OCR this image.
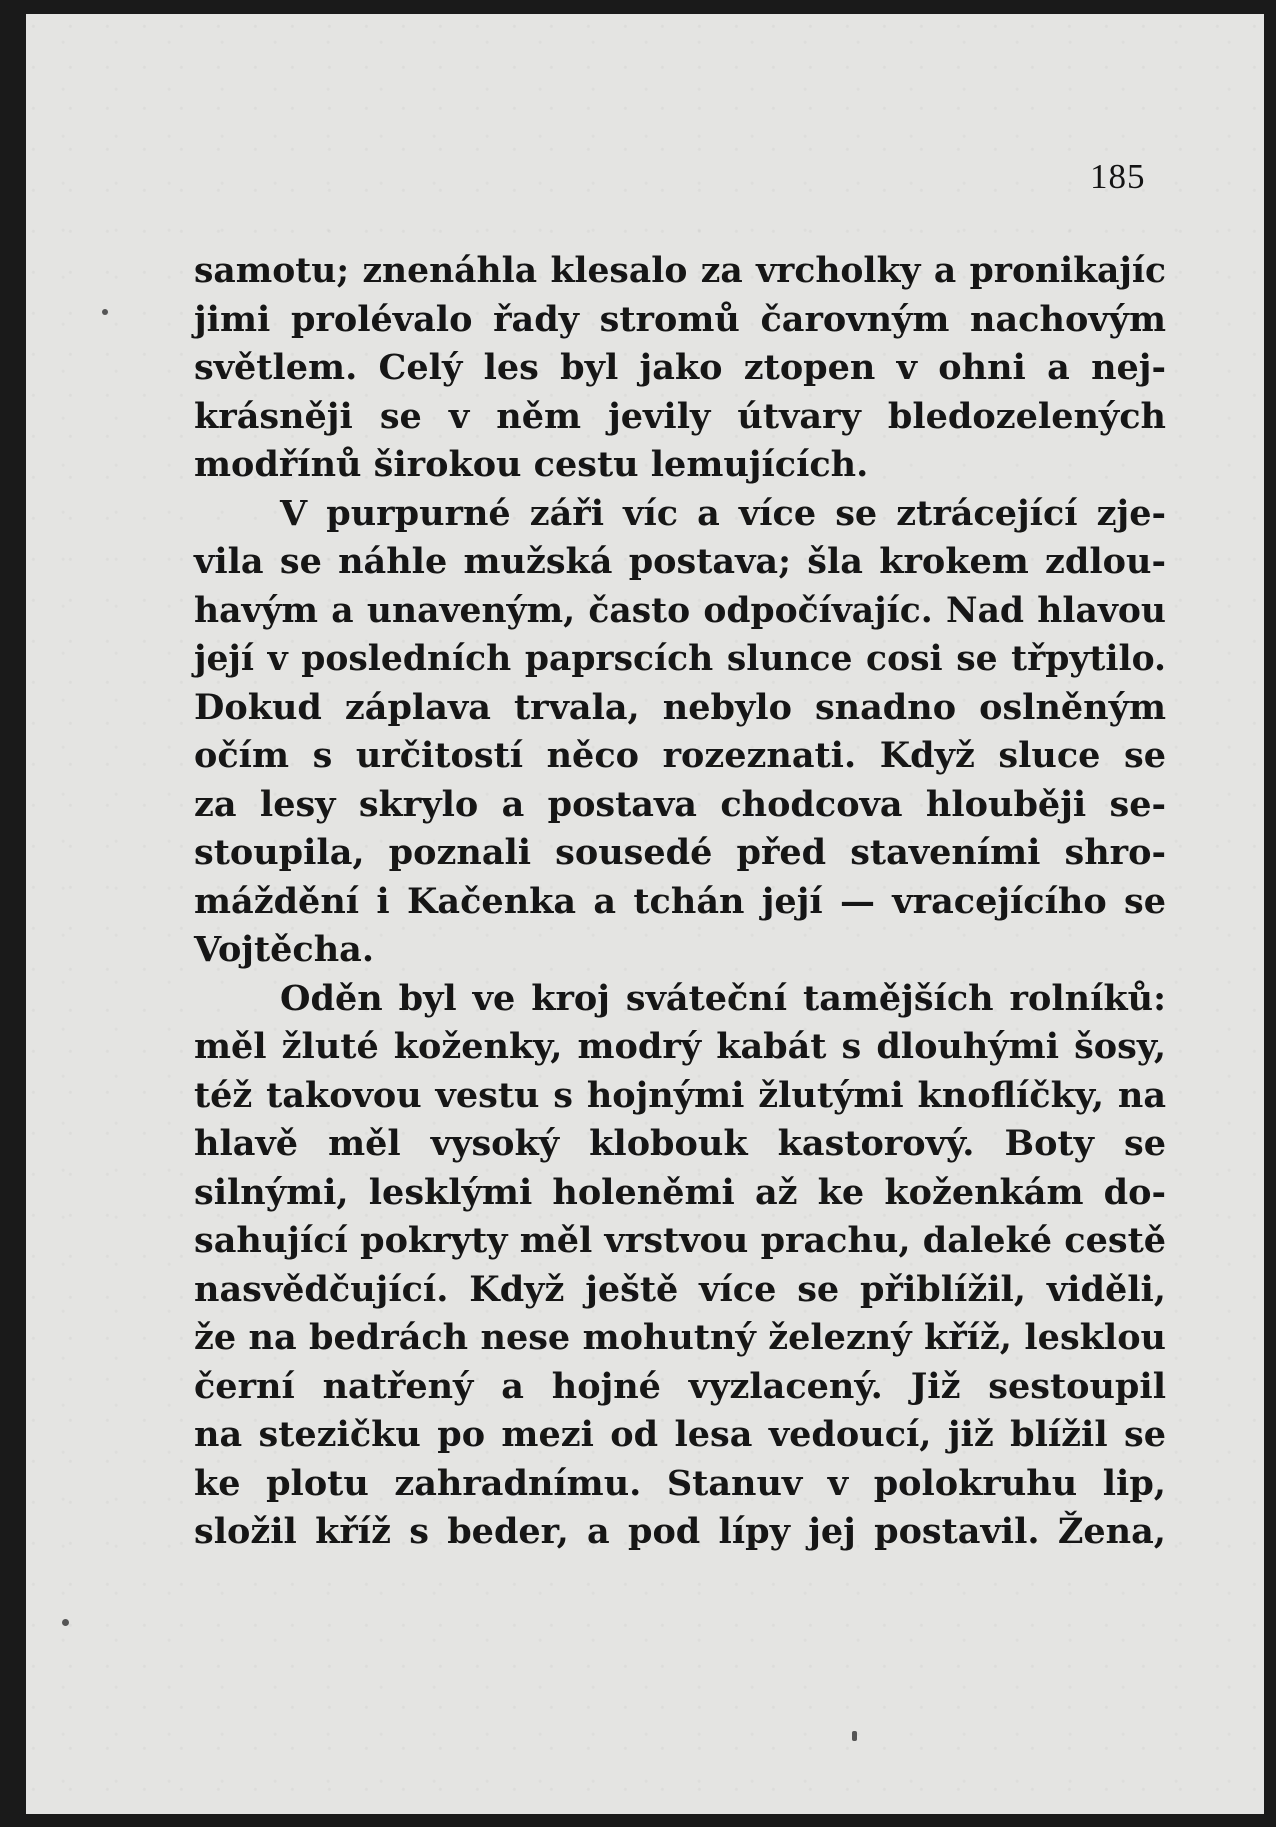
185
samotu; znenáhla klesalo za vrcholky a pronikajíc
jimi prolévalo řady stromů čarovným nachovým
světlem. Celý les byl jako ztopen v ohni a nej-
krásněji se v něm jevily útvary bledozelených
modřínů širokou cestu lemujících.
V purpurné záři víc a více se ztrácející zje-
vila se náhle mužská postava; šla krokem zdlou-
havým a unaveným, často odpočívajíc. Nad hlavou
její v posledních paprscích slunce cosi se třpytilo.
Dokud záplava trvala, nebylo snadno oslněným
očím s určitostí něco rozeznati. Když sluce se
za lesy skrylo a postava chodcova hlouběji se-
stoupila, poznali sousedé před staveními shro-
máždění i Kačenka a tchán její — vracejícího se
Vojtěcha.
Oděn byl ve kroj sváteční tamějších rolníků:
měl žluté koženky, modrý kabát s dlouhými šosy,
též takovou vestu s hojnými žlutými knoflíčky, na
hlavě měl vysoký klobouk kastorový. Boty se
silnými, lesklými holeněmi až ke koženkám do-
sahující pokryty měl vrstvou prachu, daleké cestě
nasvědčující. Když ještě více se přiblížil, viděli,
že na bedrách nese mohutný železný kříž, lesklou
černí natřený a hojné vyzlacený. Již sestoupil
na stezičku po mezi od lesa vedoucí, již blížil se
ke plotu zahradnímu. Stanuv v polokruhu lip,
složil kříž s beder, a pod lípy jej postavil. Žena,
